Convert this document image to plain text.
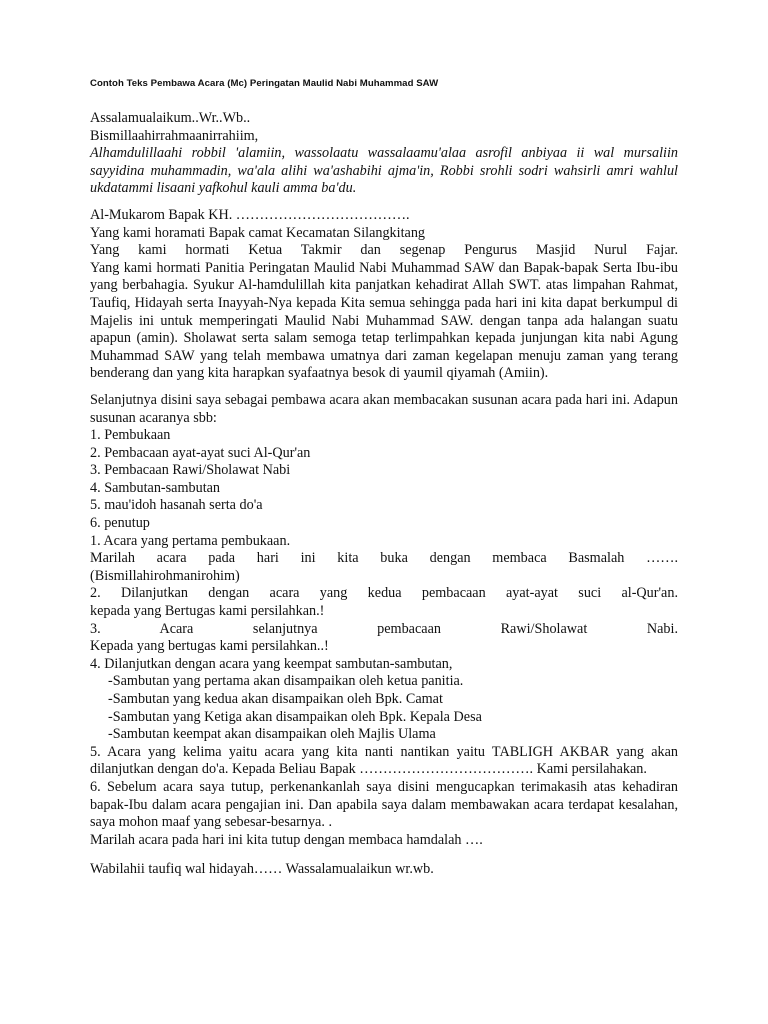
Contoh Teks Pembawa Acara (Mc) Peringatan Maulid Nabi Muhammad SAW

Assalamualaikum..Wr..Wb..

Bismillaahirrahmaanirrahiim,

Alhamdulillaahi robbil 'alamiin, wassolaatu wassalaamu'alaa asrofil anbiyaa ii wal mursaliin sayyidina muhammadin, wa'ala alihi wa'ashabihi ajma'in, Robbi srohli sodri wahsirli amri wahlul ukdatammi lisaani yafkohul kauli amma ba'du.

Al-Mukarom Bapak KH. ……………………………….

Yang kami horamati Bapak camat Kecamatan Silangkitang

Yang kami hormati Ketua Takmir dan segenap Pengurus Masjid Nurul Fajar.

Yang kami hormati Panitia Peringatan Maulid Nabi Muhammad SAW dan Bapak-bapak Serta Ibu-ibu yang berbahagia. Syukur Al-hamdulillah kita panjatkan kehadirat Allah SWT. atas limpahan Rahmat, Taufiq, Hidayah serta Inayyah-Nya kepada Kita semua sehingga pada hari ini kita dapat berkumpul di Majelis ini untuk memperingati Maulid Nabi Muhammad SAW. dengan tanpa ada halangan suatu apapun (amin). Sholawat serta salam semoga tetap terlimpahkan kepada junjungan kita nabi Agung Muhammad SAW yang telah membawa umatnya dari zaman kegelapan menuju zaman yang terang benderang dan yang kita harapkan syafaatnya besok di yaumil qiyamah (Amiin).

Selanjutnya disini saya sebagai pembawa acara akan membacakan susunan acara pada hari ini. Adapun susunan acaranya sbb:

1. Pembukaan

2. Pembacaan ayat-ayat suci Al-Qur'an

3. Pembacaan Rawi/Sholawat Nabi

4. Sambutan-sambutan

5. mau'idoh hasanah serta do'a

6. penutup

1. Acara yang pertama pembukaan.

Marilah acara pada hari ini kita buka dengan membaca Basmalah …….

(Bismillahirohmanirohim)

2. Dilanjutkan dengan acara yang kedua pembacaan ayat-ayat suci al-Qur'an.

kepada yang Bertugas kami persilahkan.!

3. Acara selanjutnya pembacaan Rawi/Sholawat Nabi.

Kepada yang bertugas kami persilahkan..!

4. Dilanjutkan dengan acara yang keempat sambutan-sambutan,

-Sambutan yang pertama akan disampaikan oleh ketua panitia.

-Sambutan yang kedua akan disampaikan oleh Bpk. Camat

-Sambutan yang Ketiga akan disampaikan oleh Bpk. Kepala Desa

-Sambutan keempat akan disampaikan oleh Majlis Ulama

5. Acara yang kelima yaitu acara yang kita nanti nantikan yaitu TABLIGH AKBAR yang akan dilanjutkan dengan do'a. Kepada Beliau Bapak ………………………………. Kami persilahakan.

6. Sebelum acara saya tutup, perkenankanlah saya disini mengucapkan terimakasih atas kehadiran bapak-Ibu dalam acara pengajian ini. Dan apabila saya dalam membawakan acara terdapat kesalahan, saya mohon maaf yang sebesar-besarnya. .

Marilah acara pada hari ini kita tutup dengan membaca hamdalah ….

Wabilahii taufiq wal hidayah…… Wassalamualaikun wr.wb.
